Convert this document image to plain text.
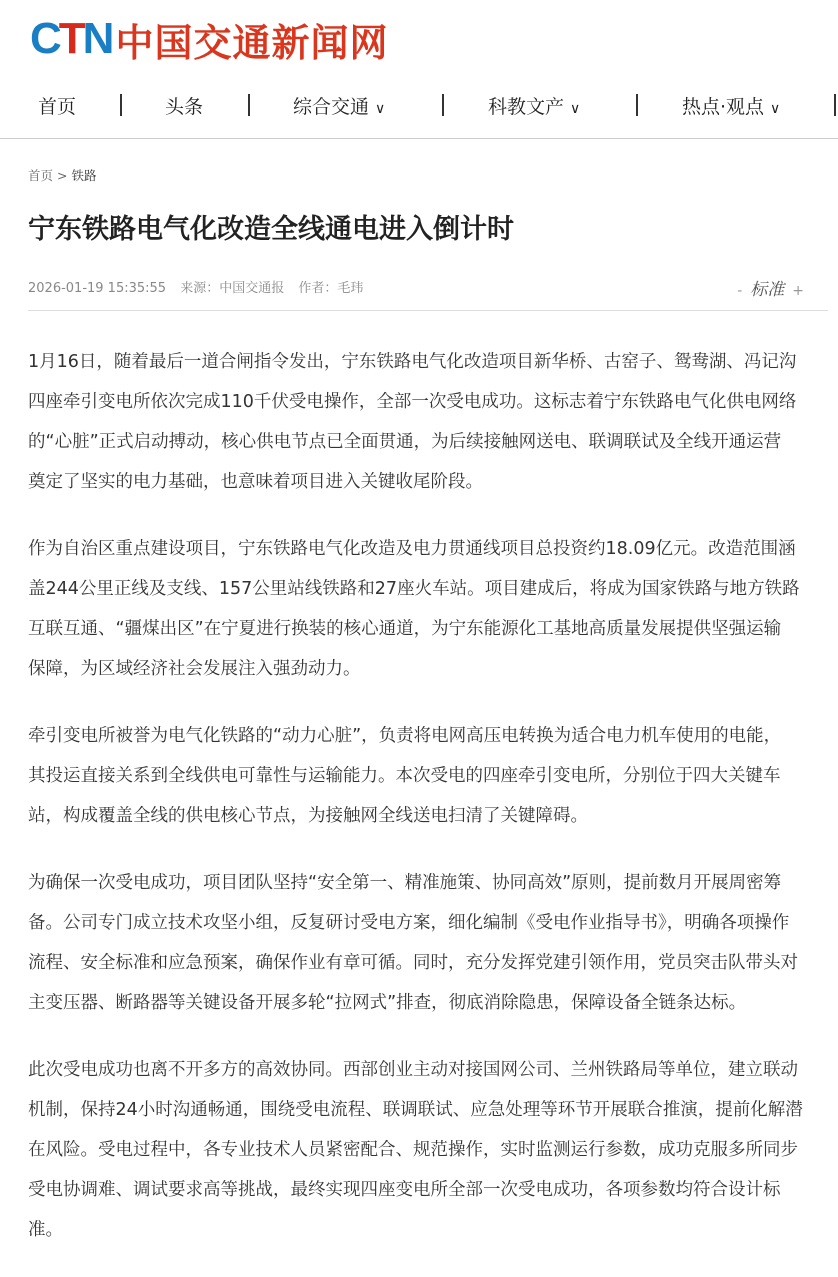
CTN 中国交通新闻网
首页	头条	综合交通 ∨	科教文产 ∨	热点·观点 ∨
首页 > 铁路
宁东铁路电气化改造全线通电进入倒计时
2026-01-19 15:35:55 来源：中国交通报 作者：毛玮	- 标准 +
1月16日，随着最后一道合闸指令发出，宁东铁路电气化改造项目新华桥、古窑子、鸳鸯湖、冯记沟
四座牵引变电所依次完成110千伏受电操作，全部一次受电成功。这标志着宁东铁路电气化供电网络
的“心脏”正式启动搏动，核心供电节点已全面贯通，为后续接触网送电、联调联试及全线开通运营
奠定了坚实的电力基础，也意味着项目进入关键收尾阶段。
作为自治区重点建设项目，宁东铁路电气化改造及电力贯通线项目总投资约18.09亿元。改造范围涵
盖244公里正线及支线、157公里站线铁路和27座火车站。项目建成后，将成为国家铁路与地方铁路
互联互通、“疆煤出区”在宁夏进行换装的核心通道，为宁东能源化工基地高质量发展提供坚强运输
保障，为区域经济社会发展注入强劲动力。
牵引变电所被誉为电气化铁路的“动力心脏”，负责将电网高压电转换为适合电力机车使用的电能，
其投运直接关系到全线供电可靠性与运输能力。本次受电的四座牵引变电所，分别位于四大关键车
站，构成覆盖全线的供电核心节点，为接触网全线送电扫清了关键障碍。
为确保一次受电成功，项目团队坚持“安全第一、精准施策、协同高效”原则，提前数月开展周密筹
备。公司专门成立技术攻坚小组，反复研讨受电方案，细化编制《受电作业指导书》，明确各项操作
流程、安全标准和应急预案，确保作业有章可循。同时，充分发挥党建引领作用，党员突击队带头对
主变压器、断路器等关键设备开展多轮“拉网式”排查，彻底消除隐患，保障设备全链条达标。
此次受电成功也离不开多方的高效协同。西部创业主动对接国网公司、兰州铁路局等单位，建立联动
机制，保持24小时沟通畅通，围绕受电流程、联调联试、应急处理等环节开展联合推演，提前化解潜
在风险。受电过程中，各专业技术人员紧密配合、规范操作，实时监测运行参数，成功克服多所同步
受电协调难、调试要求高等挑战，最终实现四座变电所全部一次受电成功，各项参数均符合设计标
准。
